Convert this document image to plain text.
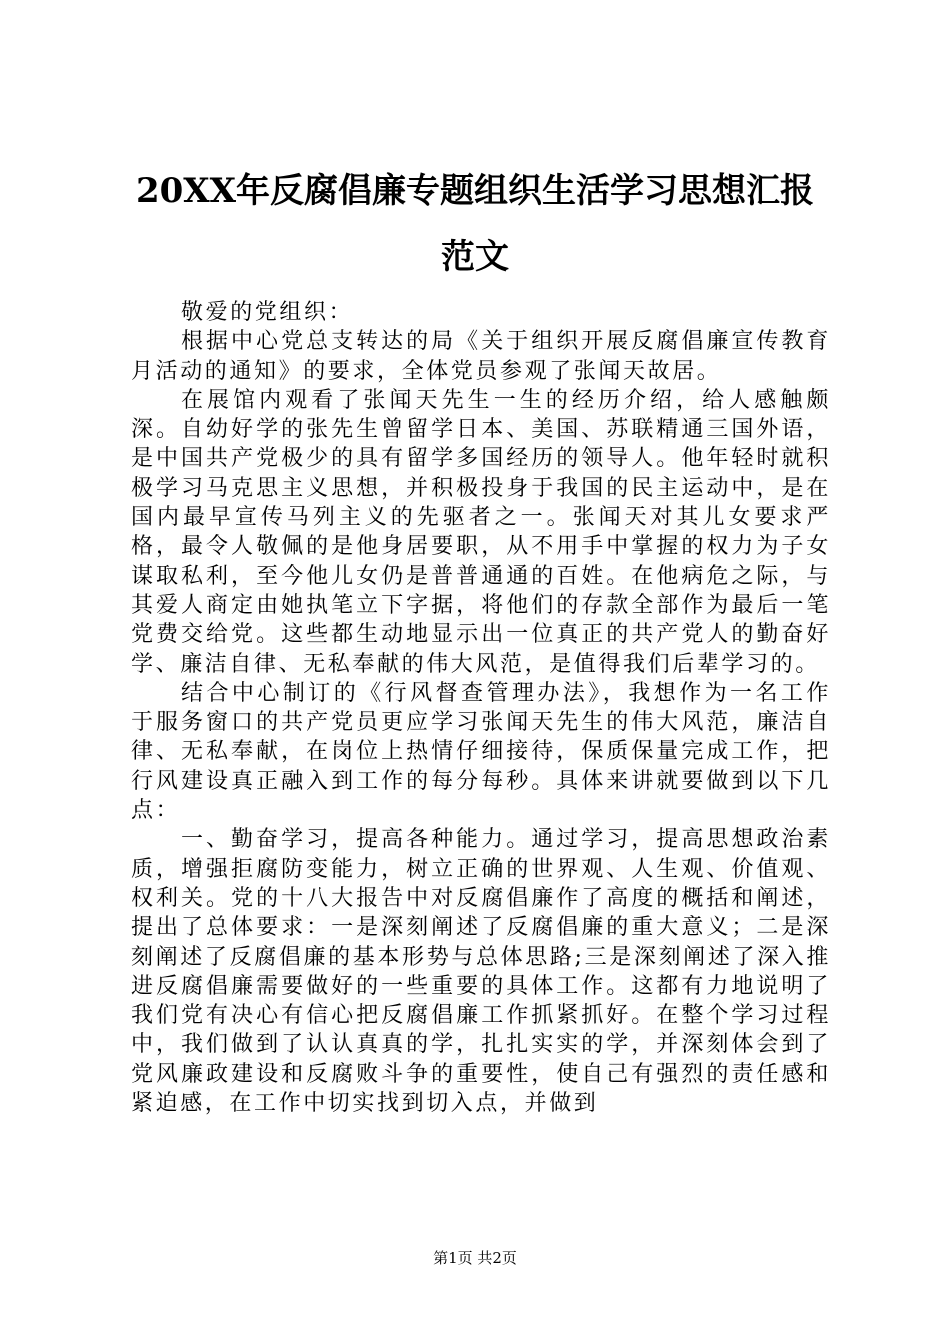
20XX年反腐倡廉专题组织生活学习思想汇报范文

敬爱的党组织：

根据中心党总支转达的局《关于组织开展反腐倡廉宣传教育月活动的通知》的要求，全体党员参观了张闻天故居。

在展馆内观看了张闻天先生一生的经历介绍，给人感触颇深。自幼好学的张先生曾留学日本、美国、苏联精通三国外语，是中国共产党极少的具有留学多国经历的领导人。他年轻时就积极学习马克思主义思想，并积极投身于我国的民主运动中，是在国内最早宣传马列主义的先驱者之一。张闻天对其儿女要求严格，最令人敬佩的是他身居要职，从不用手中掌握的权力为子女谋取私利，至今他儿女仍是普普通通的百姓。在他病危之际，与其爱人商定由她执笔立下字据，将他们的存款全部作为最后一笔党费交给党。这些都生动地显示出一位真正的共产党人的勤奋好学、廉洁自律、无私奉献的伟大风范，是值得我们后辈学习的。

结合中心制订的《行风督查管理办法》，我想作为一名工作于服务窗口的共产党员更应学习张闻天先生的伟大风范，廉洁自律、无私奉献，在岗位上热情仔细接待，保质保量完成工作，把行风建设真正融入到工作的每分每秒。具体来讲就要做到以下几点：

一、勤奋学习，提高各种能力。通过学习，提高思想政治素质，增强拒腐防变能力，树立正确的世界观、人生观、价值观、权利关。党的十八大报告中对反腐倡廉作了高度的概括和阐述，提出了总体要求：一是深刻阐述了反腐倡廉的重大意义；二是深刻阐述了反腐倡廉的基本形势与总体思路;三是深刻阐述了深入推进反腐倡廉需要做好的一些重要的具体工作。这都有力地说明了我们党有决心有信心把反腐倡廉工作抓紧抓好。在整个学习过程中，我们做到了认认真真的学，扎扎实实的学，并深刻体会到了党风廉政建设和反腐败斗争的重要性，使自己有强烈的责任感和紧迫感，在工作中切实找到切入点，并做到

第1页 共2页
